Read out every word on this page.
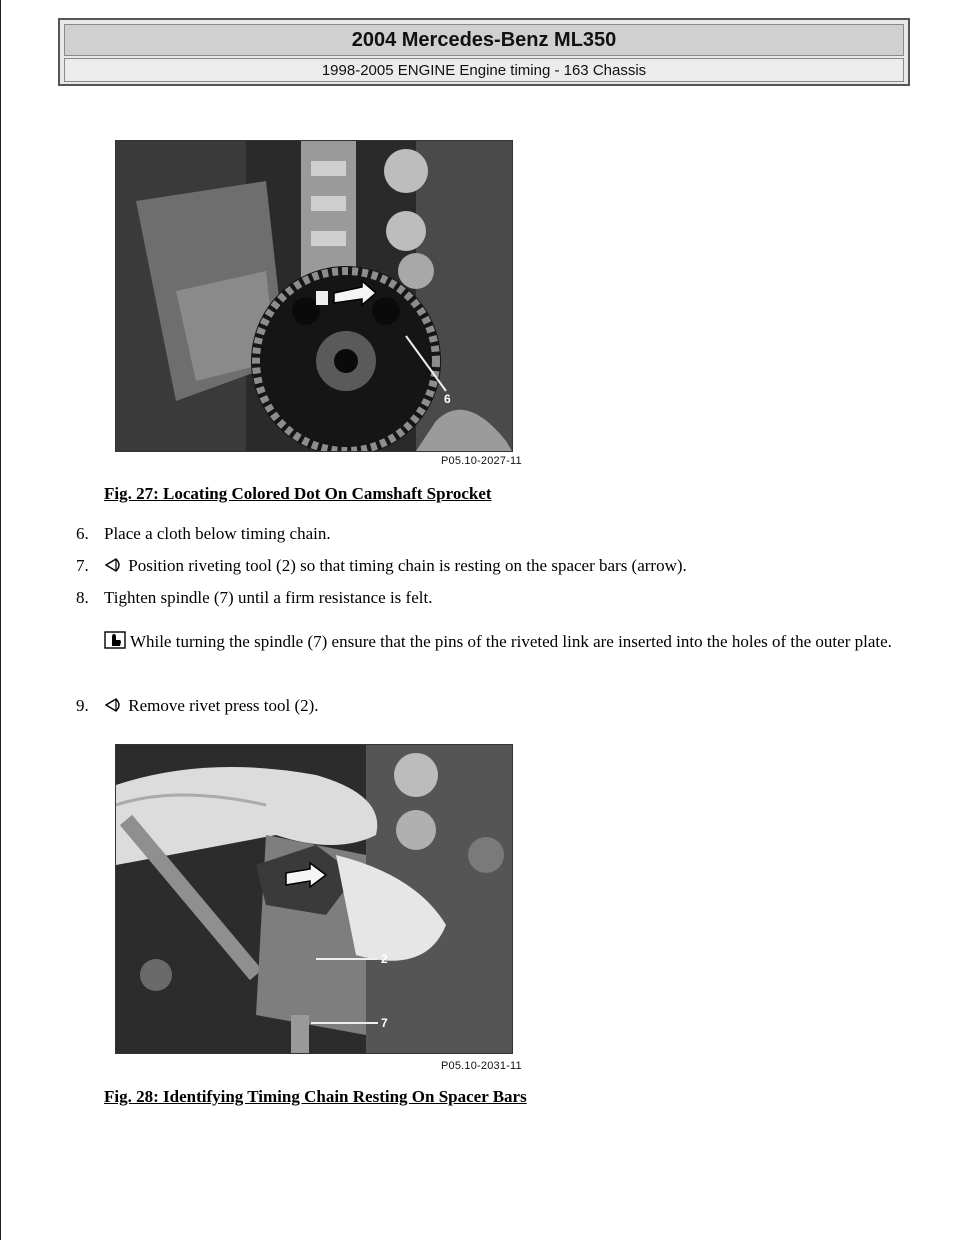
2004 Mercedes-Benz ML350
1998-2005 ENGINE Engine timing - 163 Chassis
6
P05.10-2027-11
Fig. 27: Locating Colored Dot On Camshaft Sprocket
6. Place a cloth below timing chain.
7. Position riveting tool (2) so that timing chain is resting on the spacer bars (arrow).
8. Tighten spindle (7) until a firm resistance is felt.
While turning the spindle (7) ensure that the pins of the riveted link are inserted into the holes of the outer plate.
9. Remove rivet press tool (2).
2
7
P05.10-2031-11
Fig. 28: Identifying Timing Chain Resting On Spacer Bars
